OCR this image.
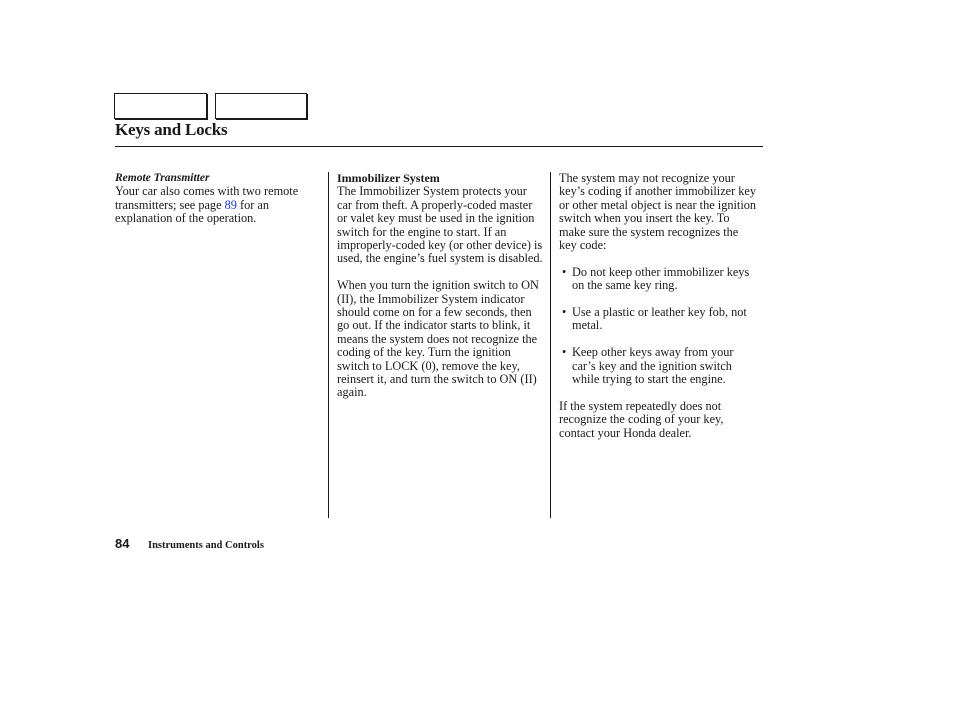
Keys and Locks

Remote Transmitter

Your car also comes with two remote transmitters; see page 89 for an explanation of the operation.

Immobilizer System

The Immobilizer System protects your car from theft. A properly-coded master or valet key must be used in the ignition switch for the engine to start. If an improperly-coded key (or other device) is used, the engine’s fuel system is disabled.

When you turn the ignition switch to ON (II), the Immobilizer System indicator should come on for a few seconds, then go out. If the indicator starts to blink, it means the system does not recognize the coding of the key. Turn the ignition switch to LOCK (0), remove the key, reinsert it, and turn the switch to ON (II) again.

The system may not recognize your key’s coding if another immobilizer key or other metal object is near the ignition switch when you insert the key. To make sure the system recognizes the key code:

• Do not keep other immobilizer keys on the same key ring.

• Use a plastic or leather key fob, not metal.

• Keep other keys away from your car’s key and the ignition switch while trying to start the engine.

If the system repeatedly does not recognize the coding of your key, contact your Honda dealer.

84 Instruments and Controls
